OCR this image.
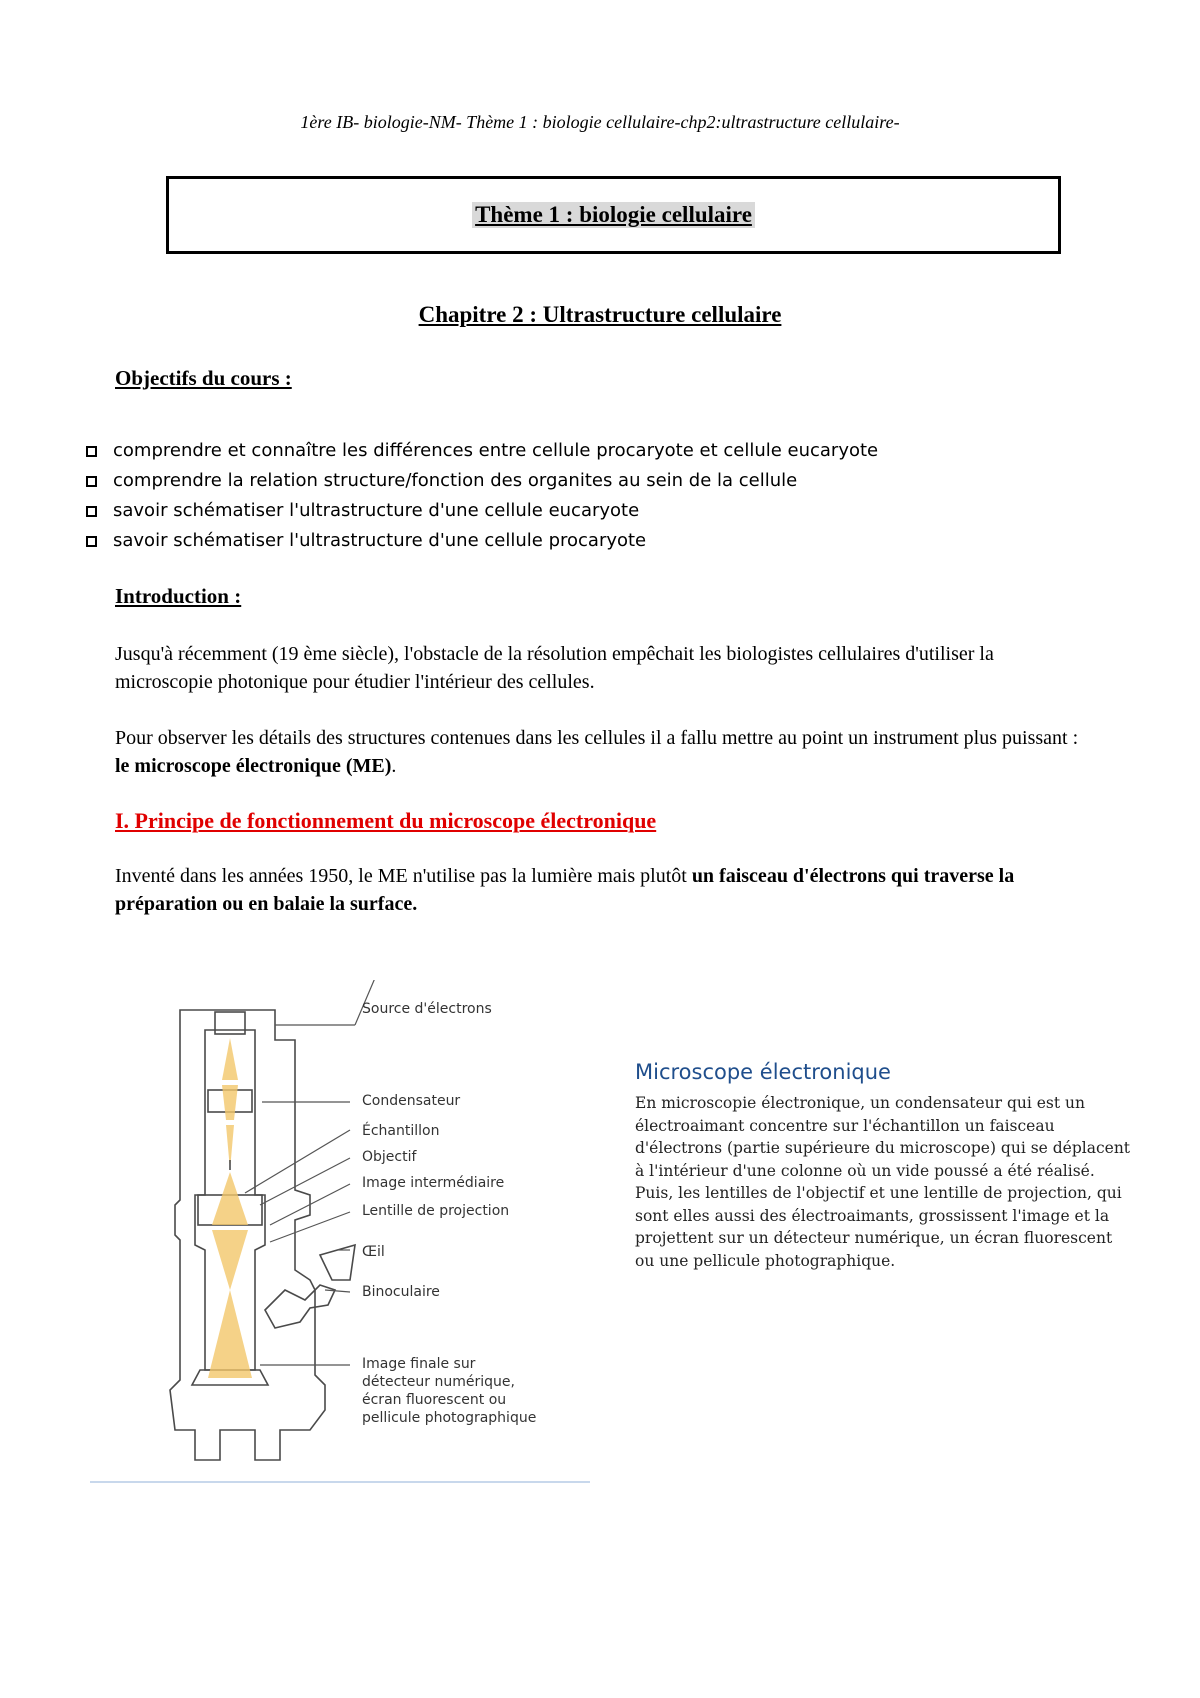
1ère IB- biologie-NM- Thème 1 : biologie cellulaire-chp2:ultrastructure cellulaire-
Thème 1 : biologie cellulaire
Chapitre 2 : Ultrastructure cellulaire
Objectifs du cours :
comprendre et connaître les différences entre cellule procaryote et cellule eucaryote
comprendre la relation structure/fonction des organites au sein de la cellule
savoir schématiser l'ultrastructure d'une cellule eucaryote
savoir schématiser l'ultrastructure d'une cellule procaryote
Introduction :
Jusqu'à récemment (19 ème siècle), l'obstacle de la résolution empêchait les biologistes cellulaires d'utiliser la microscopie photonique pour étudier l'intérieur des cellules.
Pour observer les détails des structures contenues dans les cellules il a fallu mettre au point un instrument plus puissant : le microscope électronique (ME).
I. Principe de fonctionnement du microscope électronique
Inventé dans les années 1950, le ME n'utilise pas la lumière mais plutôt un faisceau d'électrons qui traverse la préparation ou en balaie la surface.
Source d'électrons
Condensateur
Échantillon
Objectif
Image intermédiaire
Lentille de projection
Œil
Binoculaire
Image finale sur
détecteur numérique,
écran fluorescent ou
pellicule photographique
Microscope électronique
En microscopie électronique, un condensateur qui est un électroaimant concentre sur l'échantillon un faisceau d'électrons (partie supérieure du microscope) qui se déplacent à l'intérieur d'une colonne où un vide poussé a été réalisé. Puis, les lentilles de l'objectif et une lentille de projection, qui sont elles aussi des électroaimants, grossissent l'image et la projettent sur un détecteur numérique, un écran fluorescent ou une pellicule photographique.
